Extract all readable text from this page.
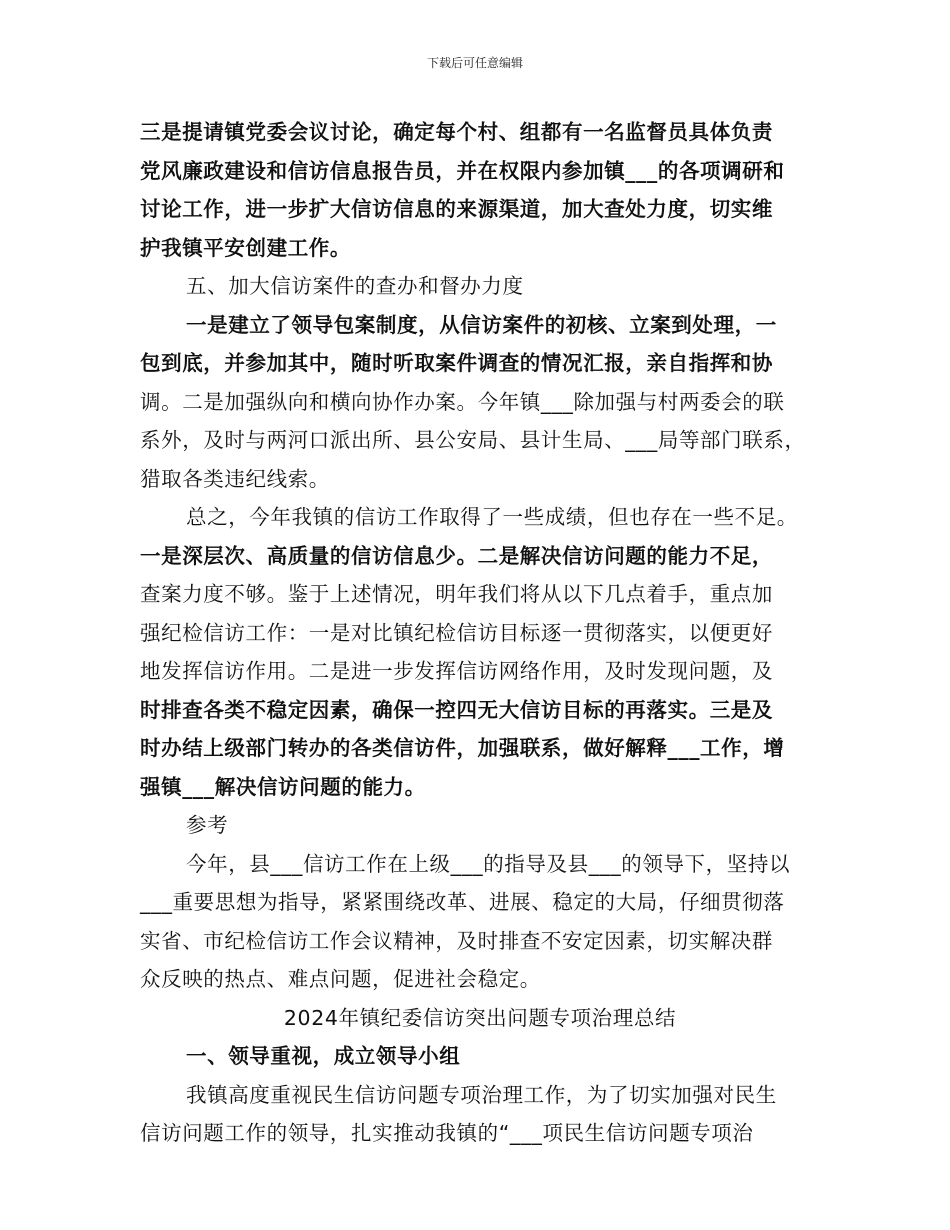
下载后可任意编辑
三是提请镇党委会议讨论，确定每个村、组都有一名监督员具体负责
党风廉政建设和信访信息报告员，并在权限内参加镇___的各项调研和
讨论工作，进一步扩大信访信息的来源渠道，加大查处力度，切实维
护我镇平安创建工作。
五、加大信访案件的查办和督办力度
一是建立了领导包案制度，从信访案件的初核、立案到处理，一
包到底，并参加其中，随时听取案件调查的情况汇报，亲自指挥和协
调。二是加强纵向和横向协作办案。今年镇___除加强与村两委会的联
系外，及时与两河口派出所、县公安局、县计生局、___局等部门联系，
猎取各类违纪线索。
总之，今年我镇的信访工作取得了一些成绩，但也存在一些不足。
一是深层次、高质量的信访信息少。二是解决信访问题的能力不足，
查案力度不够。鉴于上述情况，明年我们将从以下几点着手，重点加
强纪检信访工作：一是对比镇纪检信访目标逐一贯彻落实，以便更好
地发挥信访作用。二是进一步发挥信访网络作用，及时发现问题，及
时排查各类不稳定因素，确保一控四无大信访目标的再落实。三是及
时办结上级部门转办的各类信访件，加强联系，做好解释___工作，增
强镇___解决信访问题的能力。
参考
今年，县___信访工作在上级___的指导及县___的领导下，坚持以
___重要思想为指导，紧紧围绕改革、进展、稳定的大局，仔细贯彻落
实省、市纪检信访工作会议精神，及时排查不安定因素，切实解决群
众反映的热点、难点问题，促进社会稳定。
2024年镇纪委信访突出问题专项治理总结
一、领导重视，成立领导小组
我镇高度重视民生信访问题专项治理工作，为了切实加强对民生
信访问题工作的领导，扎实推动我镇的“___项民生信访问题专项治
